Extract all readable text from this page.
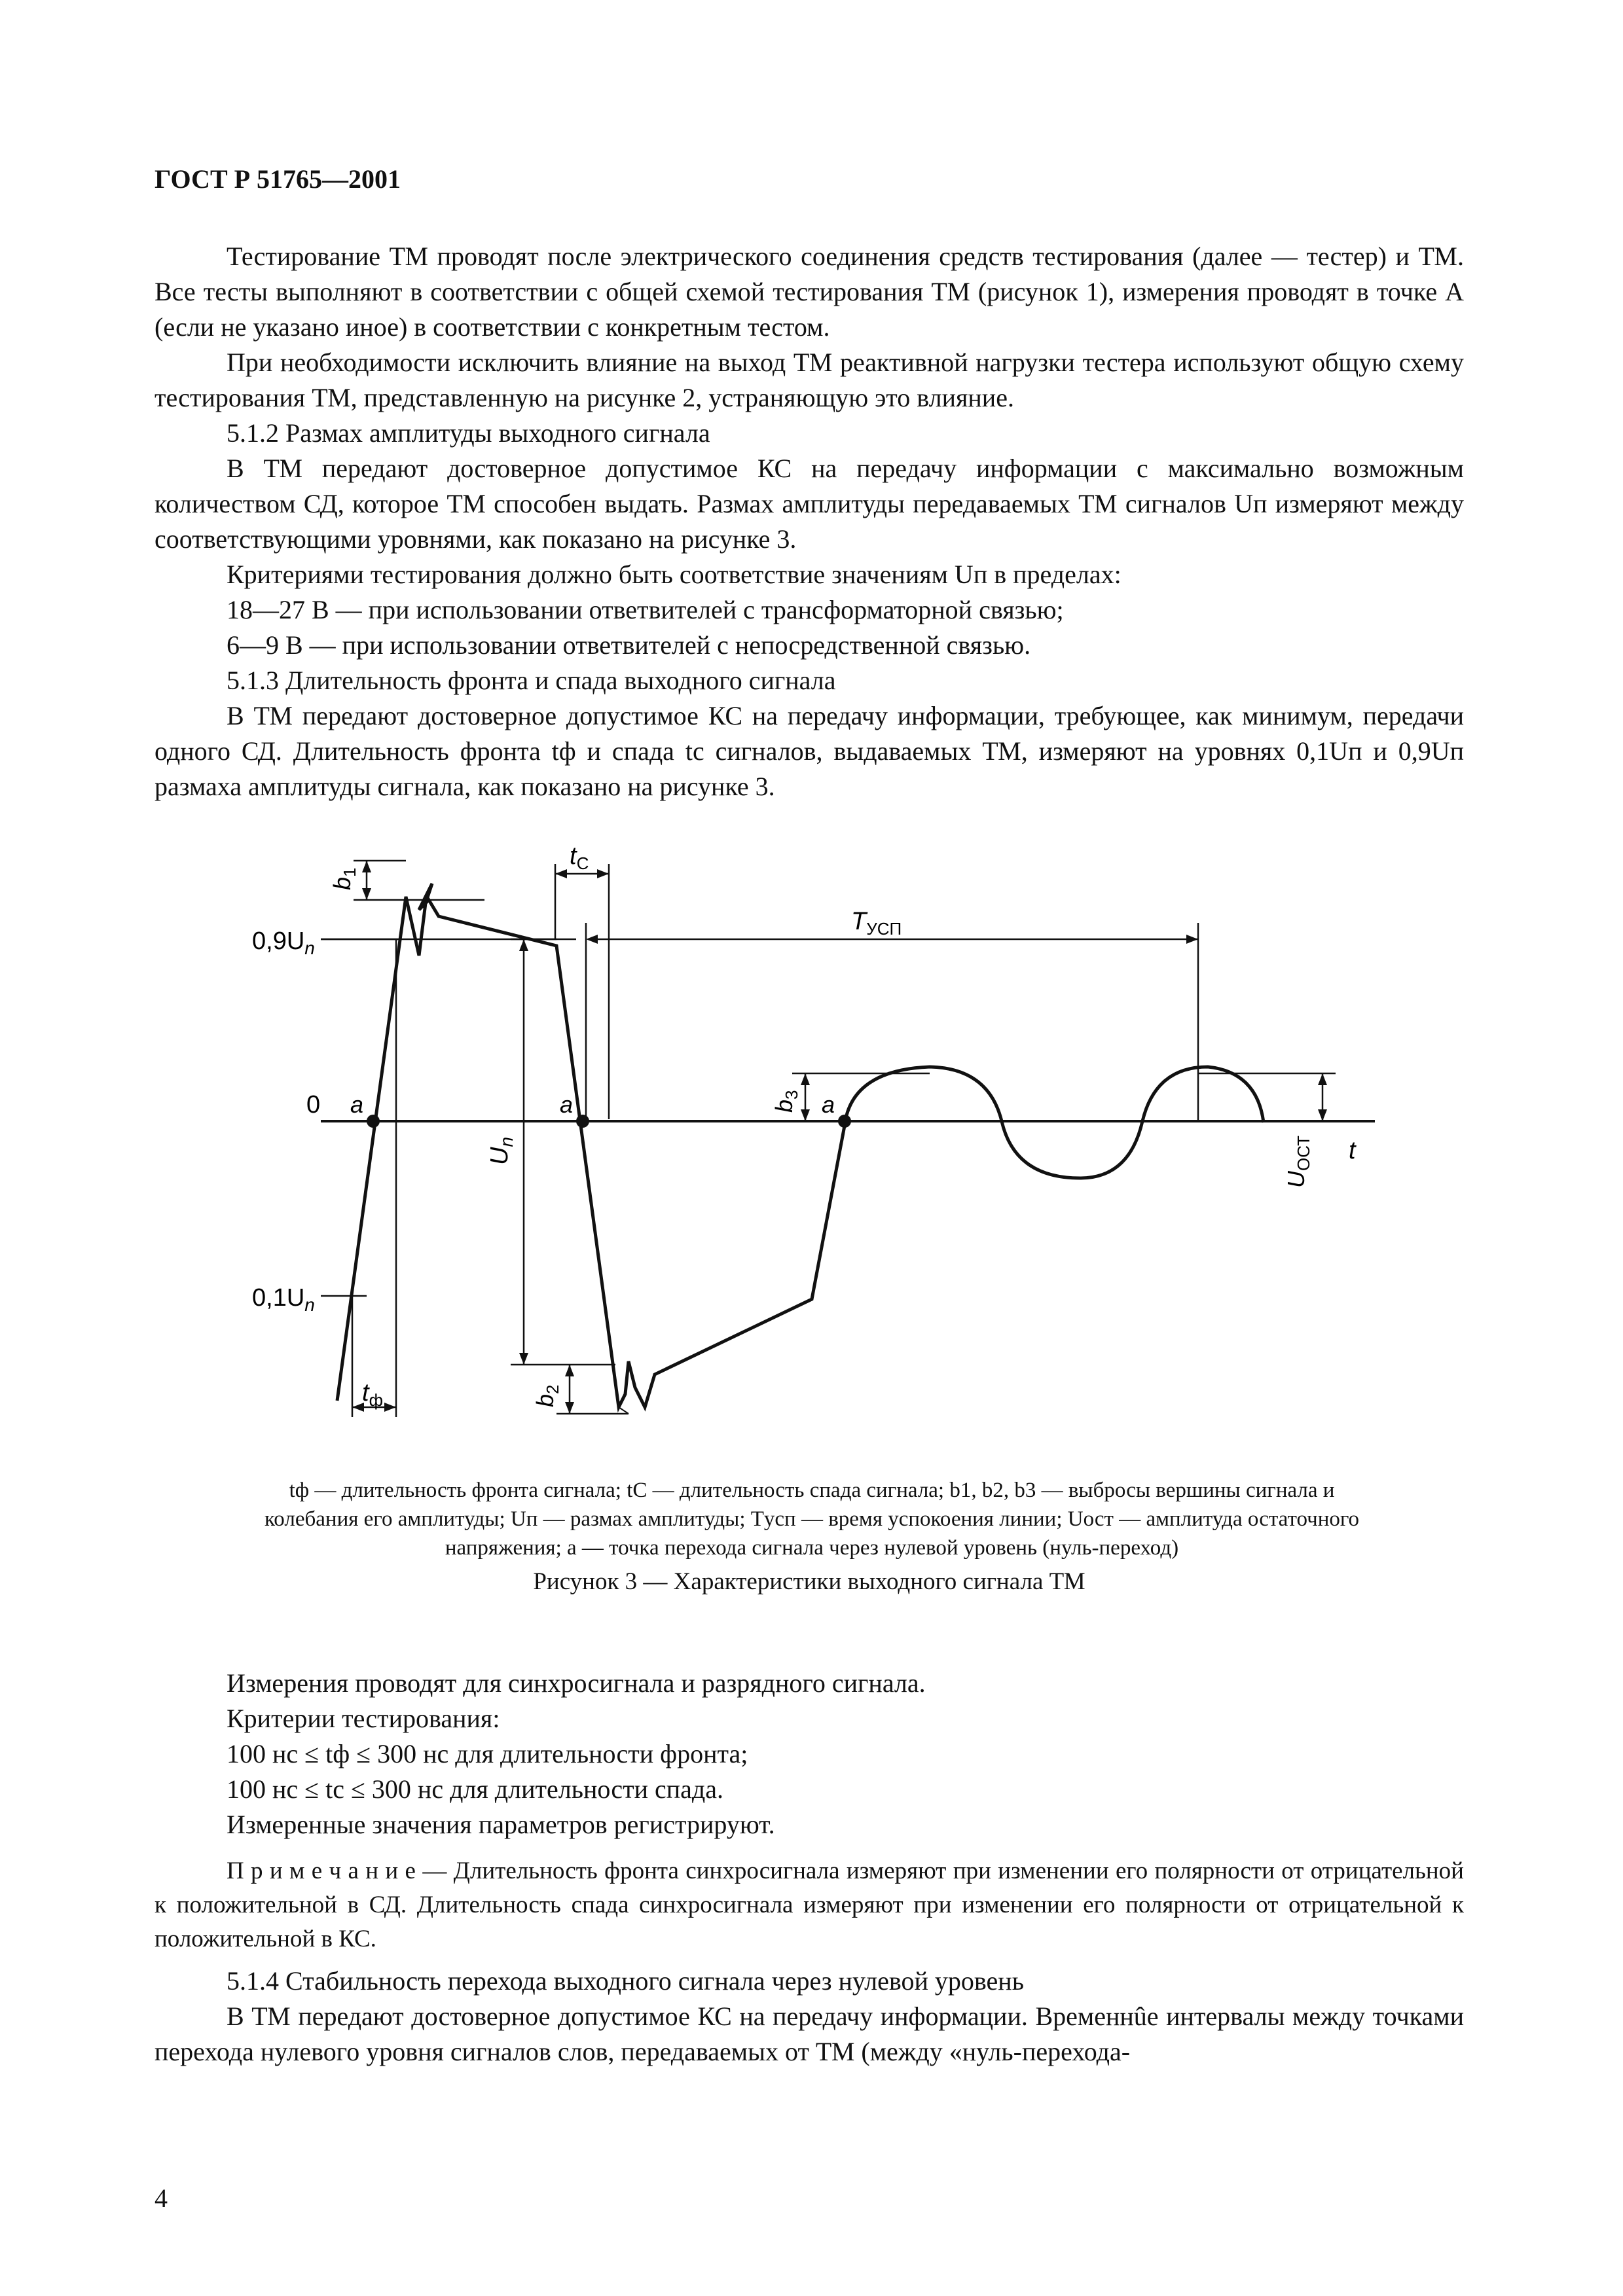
ГОСТ Р 51765—2001
Тестирование ТМ проводят после электрического соединения средств тестирования (далее — тестер) и ТМ. Все тесты выполняют в соответствии с общей схемой тестирования ТМ (рисунок 1), измерения проводят в точке A (если не указано иное) в соответствии с конкретным тестом.
При необходимости исключить влияние на выход ТМ реактивной нагрузки тестера используют общую схему тестирования ТМ, представленную на рисунке 2, устраняющую это влияние.
5.1.2 Размах амплитуды выходного сигнала
В ТМ передают достоверное допустимое КС на передачу информации с максимально возможным количеством СД, которое ТМ способен выдать. Размах амплитуды передаваемых ТМ сигналов Uп измеряют между соответствующими уровнями, как показано на рисунке 3.
Критериями тестирования должно быть соответствие значениям Uп в пределах:
18—27 В — при использовании ответвителей с трансформаторной связью;
6—9 В — при использовании ответвителей с непосредственной связью.
5.1.3 Длительность фронта и спада выходного сигнала
В ТМ передают достоверное допустимое КС на передачу информации, требующее, как минимум, передачи одного СД. Длительность фронта tф и спада tс сигналов, выдаваемых ТМ, измеряют на уровнях 0,1Uп и 0,9Uп размаха амплитуды сигнала, как показано на рисунке 3.
$0,9U_n$
$0,1U_n$
0 a	a	a
t
$t_C$
$t_ф$
$T_{УСП}$
$U_n$
$b_1$
$b_2$
$b_3$
$U_{ОСТ}$
tф — длительность фронта сигнала; tС — длительность спада сигнала; b1, b2, b3 — выбросы вершины сигнала и колебания его амплитуды; Uп — размах амплитуды; Tусп — время успокоения линии; Uост — амплитуда остаточного напряжения; a — точка перехода сигнала через нулевой уровень (нуль-переход)
Рисунок 3 — Характеристики выходного сигнала ТМ
Измерения проводят для синхросигнала и разрядного сигнала.
Критерии тестирования:
100 нс ≤ tф ≤ 300 нс для длительности фронта;
100 нс ≤ tс ≤ 300 нс для длительности спада.
Измеренные значения параметров регистрируют.
П р и м е ч а н и е — Длительность фронта синхросигнала измеряют при изменении его полярности от отрицательной к положительной в СД. Длительность спада синхросигнала измеряют при изменении его полярности от отрицательной к положительной в КС.
5.1.4 Стабильность перехода выходного сигнала через нулевой уровень
В ТМ передают достоверное допустимое КС на передачу информации. Временнûе интервалы между точками перехода нулевого уровня сигналов слов, передаваемых от ТМ (между «нуль-перехода-
4
